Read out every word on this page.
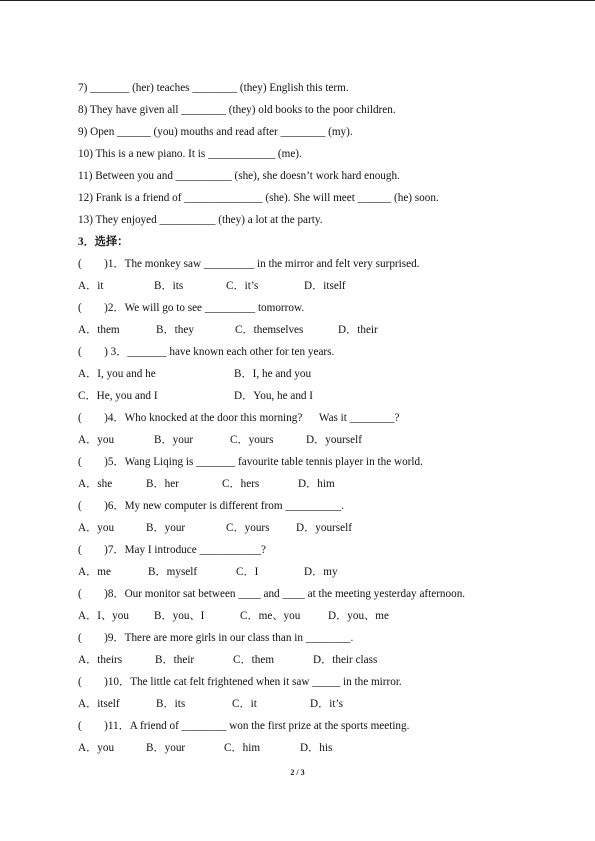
7) _______ (her) teaches ________ (they) English this term.
8) They have given all ________ (they) old books to the poor children.
9) Open ______ (you) mouths and read after ________ (my).
10) This is a new piano. It is ____________ (me).
11) Between you and __________ (she), she doesn’t work hard enough.
12) Frank is a friend of ______________ (she). She will meet ______ (he) soon.
13) They enjoyed __________ (they) a lot at the party.
3．选择：
(        )1．The monkey saw _________ in the mirror and felt very surprised.
A．it	B．its	C．it’s	D．itself
(        )2．We will go to see _________ tomorrow.
A．them	B．they	C．themselves	D．their
(        ) 3．_______ have known each other for ten years.
A．I, you and he	B．I, he and you
C．He, you and I	D．You, he and I
(        )4．Who knocked at the door this morning?      Was it ________?
A．you	B．your	C．yours	D．yourself
(        )5．Wang Liqing is _______ favourite table tennis player in the world.
A．she	B．her	C．hers	D．him
(        )6．My new computer is different from __________.
A．you	B．your	C．yours	D．yourself
(        )7．May I introduce ___________?
A．me	B．myself	C．I	D．my
(        )8．Our monitor sat between ____ and ____ at the meeting yesterday afternoon.
A．I、you	B．you、I	C．me、you	D．you、me
(        )9．There are more girls in our class than in ________.
A．theirs	B．their	C．them	D．their class
(        )10．The little cat felt frightened when it saw _____ in the mirror.
A．itself	B．its	C．it	D．it’s
(        )11．A friend of ________ won the first prize at the sports meeting.
A．you	B．your	C．him	D．his
2 / 3
